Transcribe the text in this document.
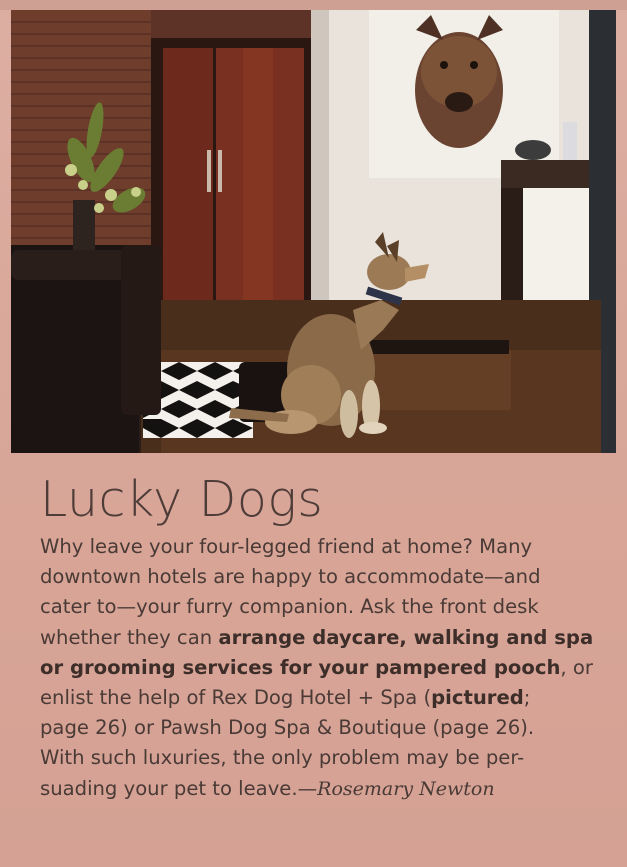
Lucky Dogs

Why leave your four-legged friend at home? Many
downtown hotels are happy to accommodate—and
cater to—your furry companion. Ask the front desk
whether they can arrange daycare, walking and spa
or grooming services for your pampered pooch, or
enlist the help of Rex Dog Hotel + Spa (pictured;
page 26) or Pawsh Dog Spa & Boutique (page 26).
With such luxuries, the only problem may be per-
suading your pet to leave.—Rosemary Newton
